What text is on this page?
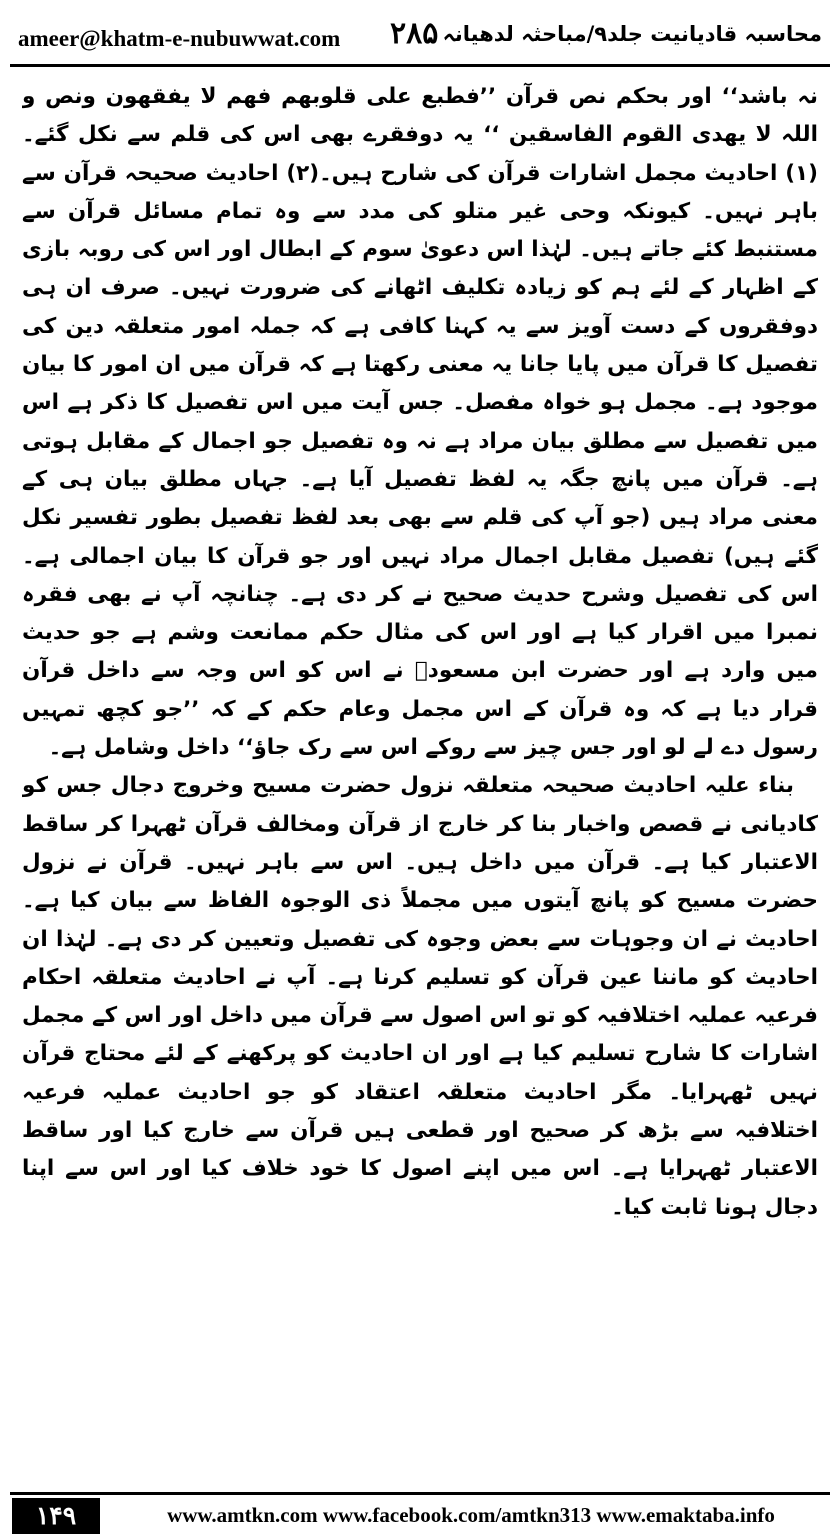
ameer@khatm-e-nubuwwat.com ۲۸۵ محاسبہ قادیانیت جلد۹/مباحثہ لدھیانہ

نہ باشد‘‘ اور بحکم نص قرآن ’’فطبع علی قلوبھم فھم لا یفقھون ونص و اللہ لا یھدی القوم الفاسقین ‘‘ یہ دوفقرے بھی اس کی قلم سے نکل گئے۔(۱) احادیث مجمل اشارات قرآن کی شارح ہیں۔(۲) احادیث صحیحہ قرآن سے باہر نہیں۔ کیونکہ وحی غیر متلو کی مدد سے وہ تمام مسائل قرآن سے مستنبط کئے جاتے ہیں۔ لہٰذا اس دعویٰ سوم کے ابطال اور اس کی روبہ بازی کے اظہار کے لئے ہم کو زیادہ تکلیف اٹھانے کی ضرورت نہیں۔ صرف ان ہی دوفقروں کے دست آویز سے یہ کہنا کافی ہے کہ جملہ امور متعلقہ دین کی تفصیل کا قرآن میں پایا جانا یہ معنی رکھتا ہے کہ قرآن میں ان امور کا بیان موجود ہے۔ مجمل ہو خواہ مفصل۔ جس آیت میں اس تفصیل کا ذکر ہے اس میں تفصیل سے مطلق بیان مراد ہے نہ وہ تفصیل جو اجمال کے مقابل ہوتی ہے۔ قرآن میں پانچ جگہ یہ لفظ تفصیل آیا ہے۔ جہاں مطلق بیان ہی کے معنی مراد ہیں (جو آپ کی قلم سے بھی بعد لفظ تفصیل بطور تفسیر نکل گئے ہیں) تفصیل مقابل اجمال مراد نہیں اور جو قرآن کا بیان اجمالی ہے۔ اس کی تفصیل وشرح حدیث صحیح نے کر دی ہے۔ چنانچہ آپ نے بھی فقرہ نمبرا میں اقرار کیا ہے اور اس کی مثال حکم ممانعت وشم ہے جو حدیث میں وارد ہے اور حضرت ابن مسعودؓ نے اس کو اس وجہ سے داخل قرآن قرار دیا ہے کہ وہ قرآن کے اس مجمل وعام حکم کے کہ ’’جو کچھ تمہیں رسول دے لے لو اور جس چیز سے روکے اس سے رک جاؤ‘‘ داخل وشامل ہے۔

بناء علیہ احادیث صحیحہ متعلقہ نزول حضرت مسیح وخروج دجال جس کو کادیانی نے قصص واخبار بنا کر خارج از قرآن ومخالف قرآن ٹھہرا کر ساقط الاعتبار کیا ہے۔ قرآن میں داخل ہیں۔ اس سے باہر نہیں۔ قرآن نے نزول حضرت مسیح کو پانچ آیتوں میں مجملاً ذی الوجوہ الفاظ سے بیان کیا ہے۔ احادیث نے ان وجوہات سے بعض وجوہ کی تفصیل وتعیین کر دی ہے۔ لہٰذا ان احادیث کو ماننا عین قرآن کو تسلیم کرنا ہے۔ آپ نے احادیث متعلقہ احکام فرعیہ عملیہ اختلافیہ کو تو اس اصول سے قرآن میں داخل اور اس کے مجمل اشارات کا شارح تسلیم کیا ہے اور ان احادیث کو پرکھنے کے لئے محتاج قرآن نہیں ٹھہرایا۔ مگر احادیث متعلقہ اعتقاد کو جو احادیث عملیہ فرعیہ اختلافیہ سے بڑھ کر صحیح اور قطعی ہیں قرآن سے خارج کیا اور ساقط الاعتبار ٹھہرایا ہے۔ اس میں اپنے اصول کا خود خلاف کیا اور اس سے اپنا دجال ہونا ثابت کیا۔

۱۴۹	www.amtkn.com www.facebook.com/amtkn313 www.emaktaba.info
